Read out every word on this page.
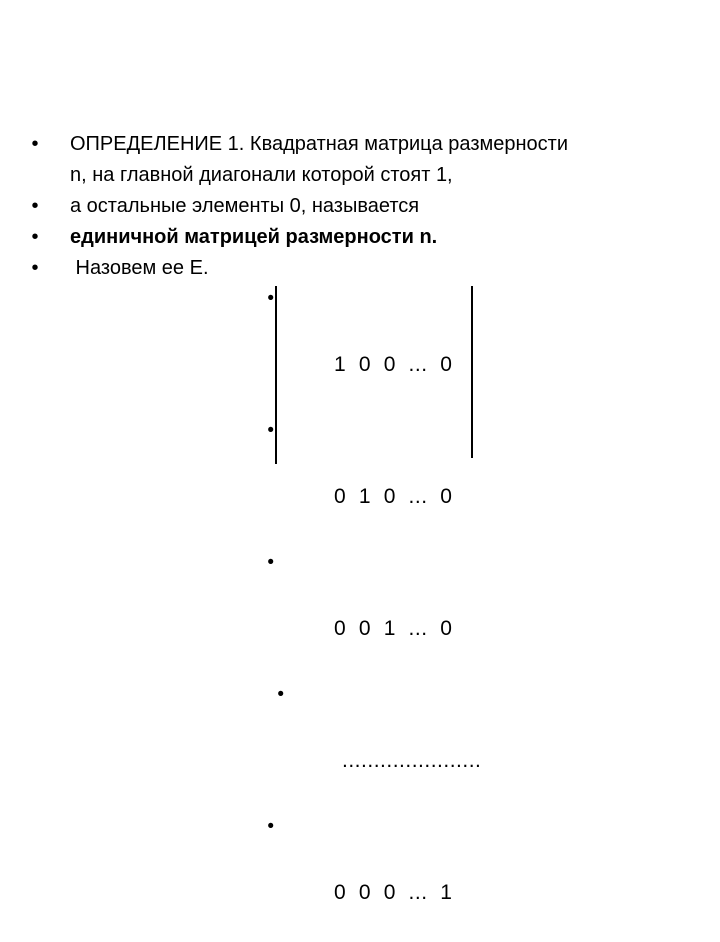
• ОПРЕДЕЛЕНИЕ 1. Квадратная матрица размерности
n, на главной диагонали которой стоят 1,
• а остальные элементы 0, называется
• единичной матрицей размерности n.
• Назовем ее E.

•

1  0  0  ...  0

•

0  1  0  ...  0

•

0  0  1  ...  0

•

......................

•

0  0  0  ...  1
